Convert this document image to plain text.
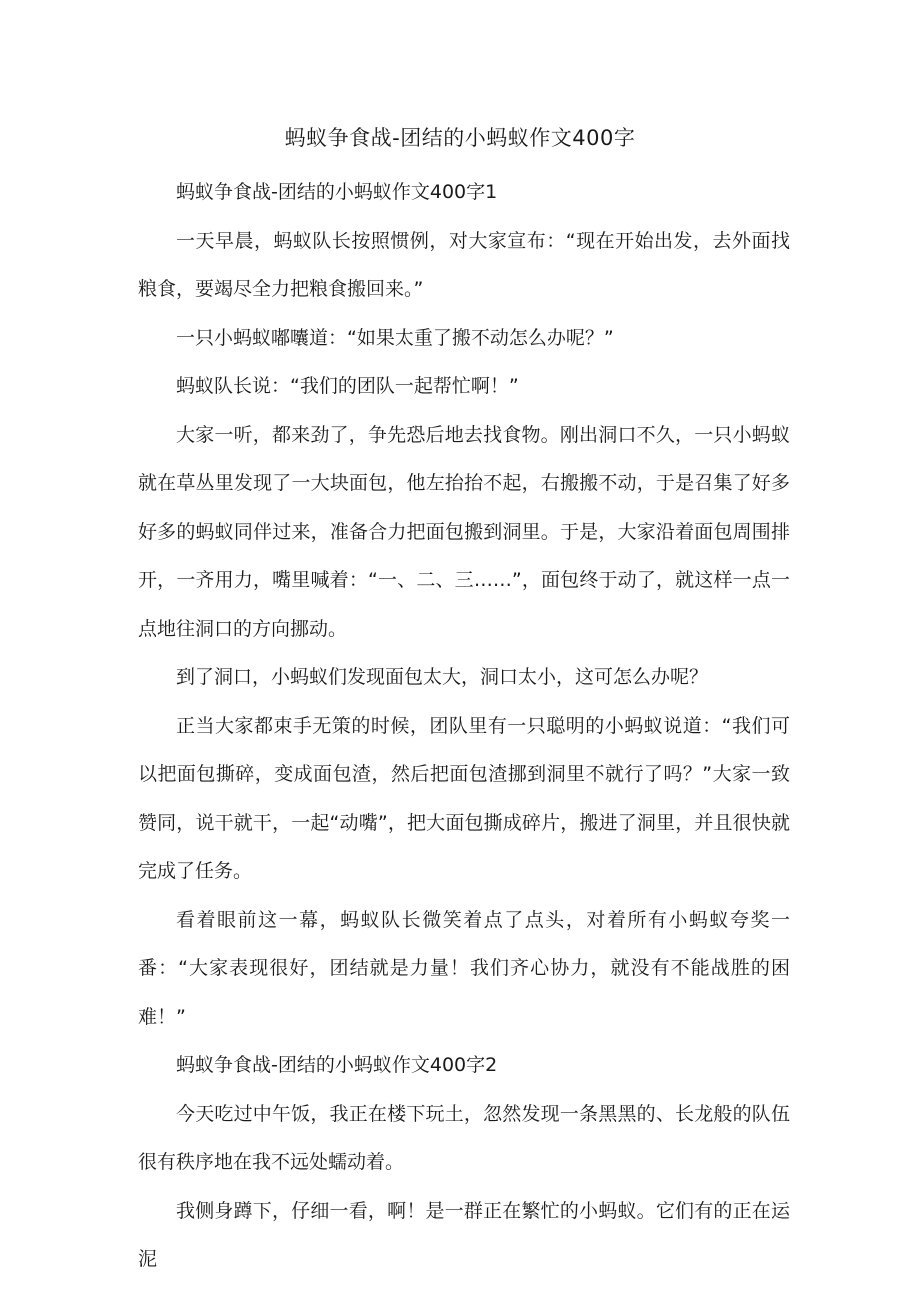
蚂蚁争食战-团结的小蚂蚁作文400字

蚂蚁争食战-团结的小蚂蚁作文400字1

一天早晨，蚂蚁队长按照惯例，对大家宣布：“现在开始出发，去外面找粮食，要竭尽全力把粮食搬回来。”

一只小蚂蚁嘟囔道：“如果太重了搬不动怎么办呢？”

蚂蚁队长说：“我们的团队一起帮忙啊！”

大家一听，都来劲了，争先恐后地去找食物。刚出洞口不久，一只小蚂蚁就在草丛里发现了一大块面包，他左抬抬不起，右搬搬不动，于是召集了好多好多的蚂蚁同伴过来，准备合力把面包搬到洞里。于是，大家沿着面包周围排开，一齐用力，嘴里喊着：“一、二、三……”，面包终于动了，就这样一点一点地往洞口的方向挪动。

到了洞口，小蚂蚁们发现面包太大，洞口太小，这可怎么办呢？

正当大家都束手无策的时候，团队里有一只聪明的小蚂蚁说道：“我们可以把面包撕碎，变成面包渣，然后把面包渣挪到洞里不就行了吗？”大家一致赞同，说干就干，一起“动嘴”，把大面包撕成碎片，搬进了洞里，并且很快就完成了任务。

看着眼前这一幕，蚂蚁队长微笑着点了点头，对着所有小蚂蚁夸奖一番：“大家表现很好，团结就是力量！我们齐心协力，就没有不能战胜的困难！”

蚂蚁争食战-团结的小蚂蚁作文400字2

今天吃过中午饭，我正在楼下玩土，忽然发现一条黑黑的、长龙般的队伍很有秩序地在我不远处蠕动着。

我侧身蹲下，仔细一看，啊！是一群正在繁忙的小蚂蚁。它们有的正在运泥
